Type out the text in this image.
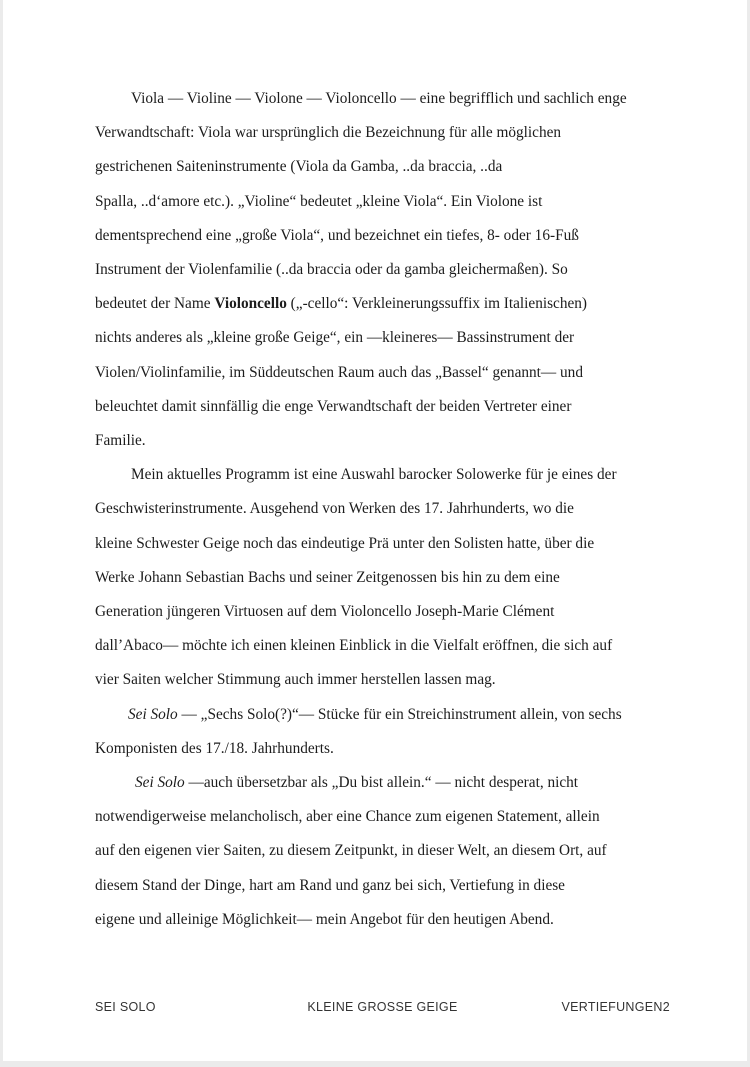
Viola — Violine — Violone — Violoncello — eine begrifflich und sachlich enge
Verwandtschaft: Viola war ursprünglich die Bezeichnung für alle möglichen
gestrichenen Saiteninstrumente (Viola da Gamba, ..da braccia, ..da
Spalla, ..d‘amore etc.). „Violine“ bedeutet „kleine Viola“. Ein Violone ist
dementsprechend eine „große Viola“, und bezeichnet ein tiefes, 8- oder 16-Fuß
Instrument der Violenfamilie (..da braccia oder da gamba gleichermaßen). So
bedeutet der Name Violoncello („-cello“: Verkleinerungssuffix im Italienischen)
nichts anderes als „kleine große Geige“, ein —kleineres— Bassinstrument der
Violen/Violinfamilie, im Süddeutschen Raum auch das „Bassel“ genannt— und
beleuchtet damit sinnfällig die enge Verwandtschaft der beiden Vertreter einer
Familie.
Mein aktuelles Programm ist eine Auswahl barocker Solowerke für je eines der
Geschwisterinstrumente. Ausgehend von Werken des 17. Jahrhunderts, wo die
kleine Schwester Geige noch das eindeutige Prä unter den Solisten hatte, über die
Werke Johann Sebastian Bachs und seiner Zeitgenossen bis hin zu dem eine
Generation jüngeren Virtuosen auf dem Violoncello Joseph-Marie Clément
dall’Abaco— möchte ich einen kleinen Einblick in die Vielfalt eröffnen, die sich auf
vier Saiten welcher Stimmung auch immer herstellen lassen mag.
Sei Solo — „Sechs Solo(?)“— Stücke für ein Streichinstrument allein, von sechs
Komponisten des 17./18. Jahrhunderts.
Sei Solo —auch übersetzbar als „Du bist allein.“ — nicht desperat, nicht
notwendigerweise melancholisch, aber eine Chance zum eigenen Statement, allein
auf den eigenen vier Saiten, zu diesem Zeitpunkt, in dieser Welt, an diesem Ort, auf
diesem Stand der Dinge, hart am Rand und ganz bei sich, Vertiefung in diese
eigene und alleinige Möglichkeit— mein Angebot für den heutigen Abend.
SEI SOLO	KLEINE GROSSE GEIGE	VERTIEFUNGEN2
